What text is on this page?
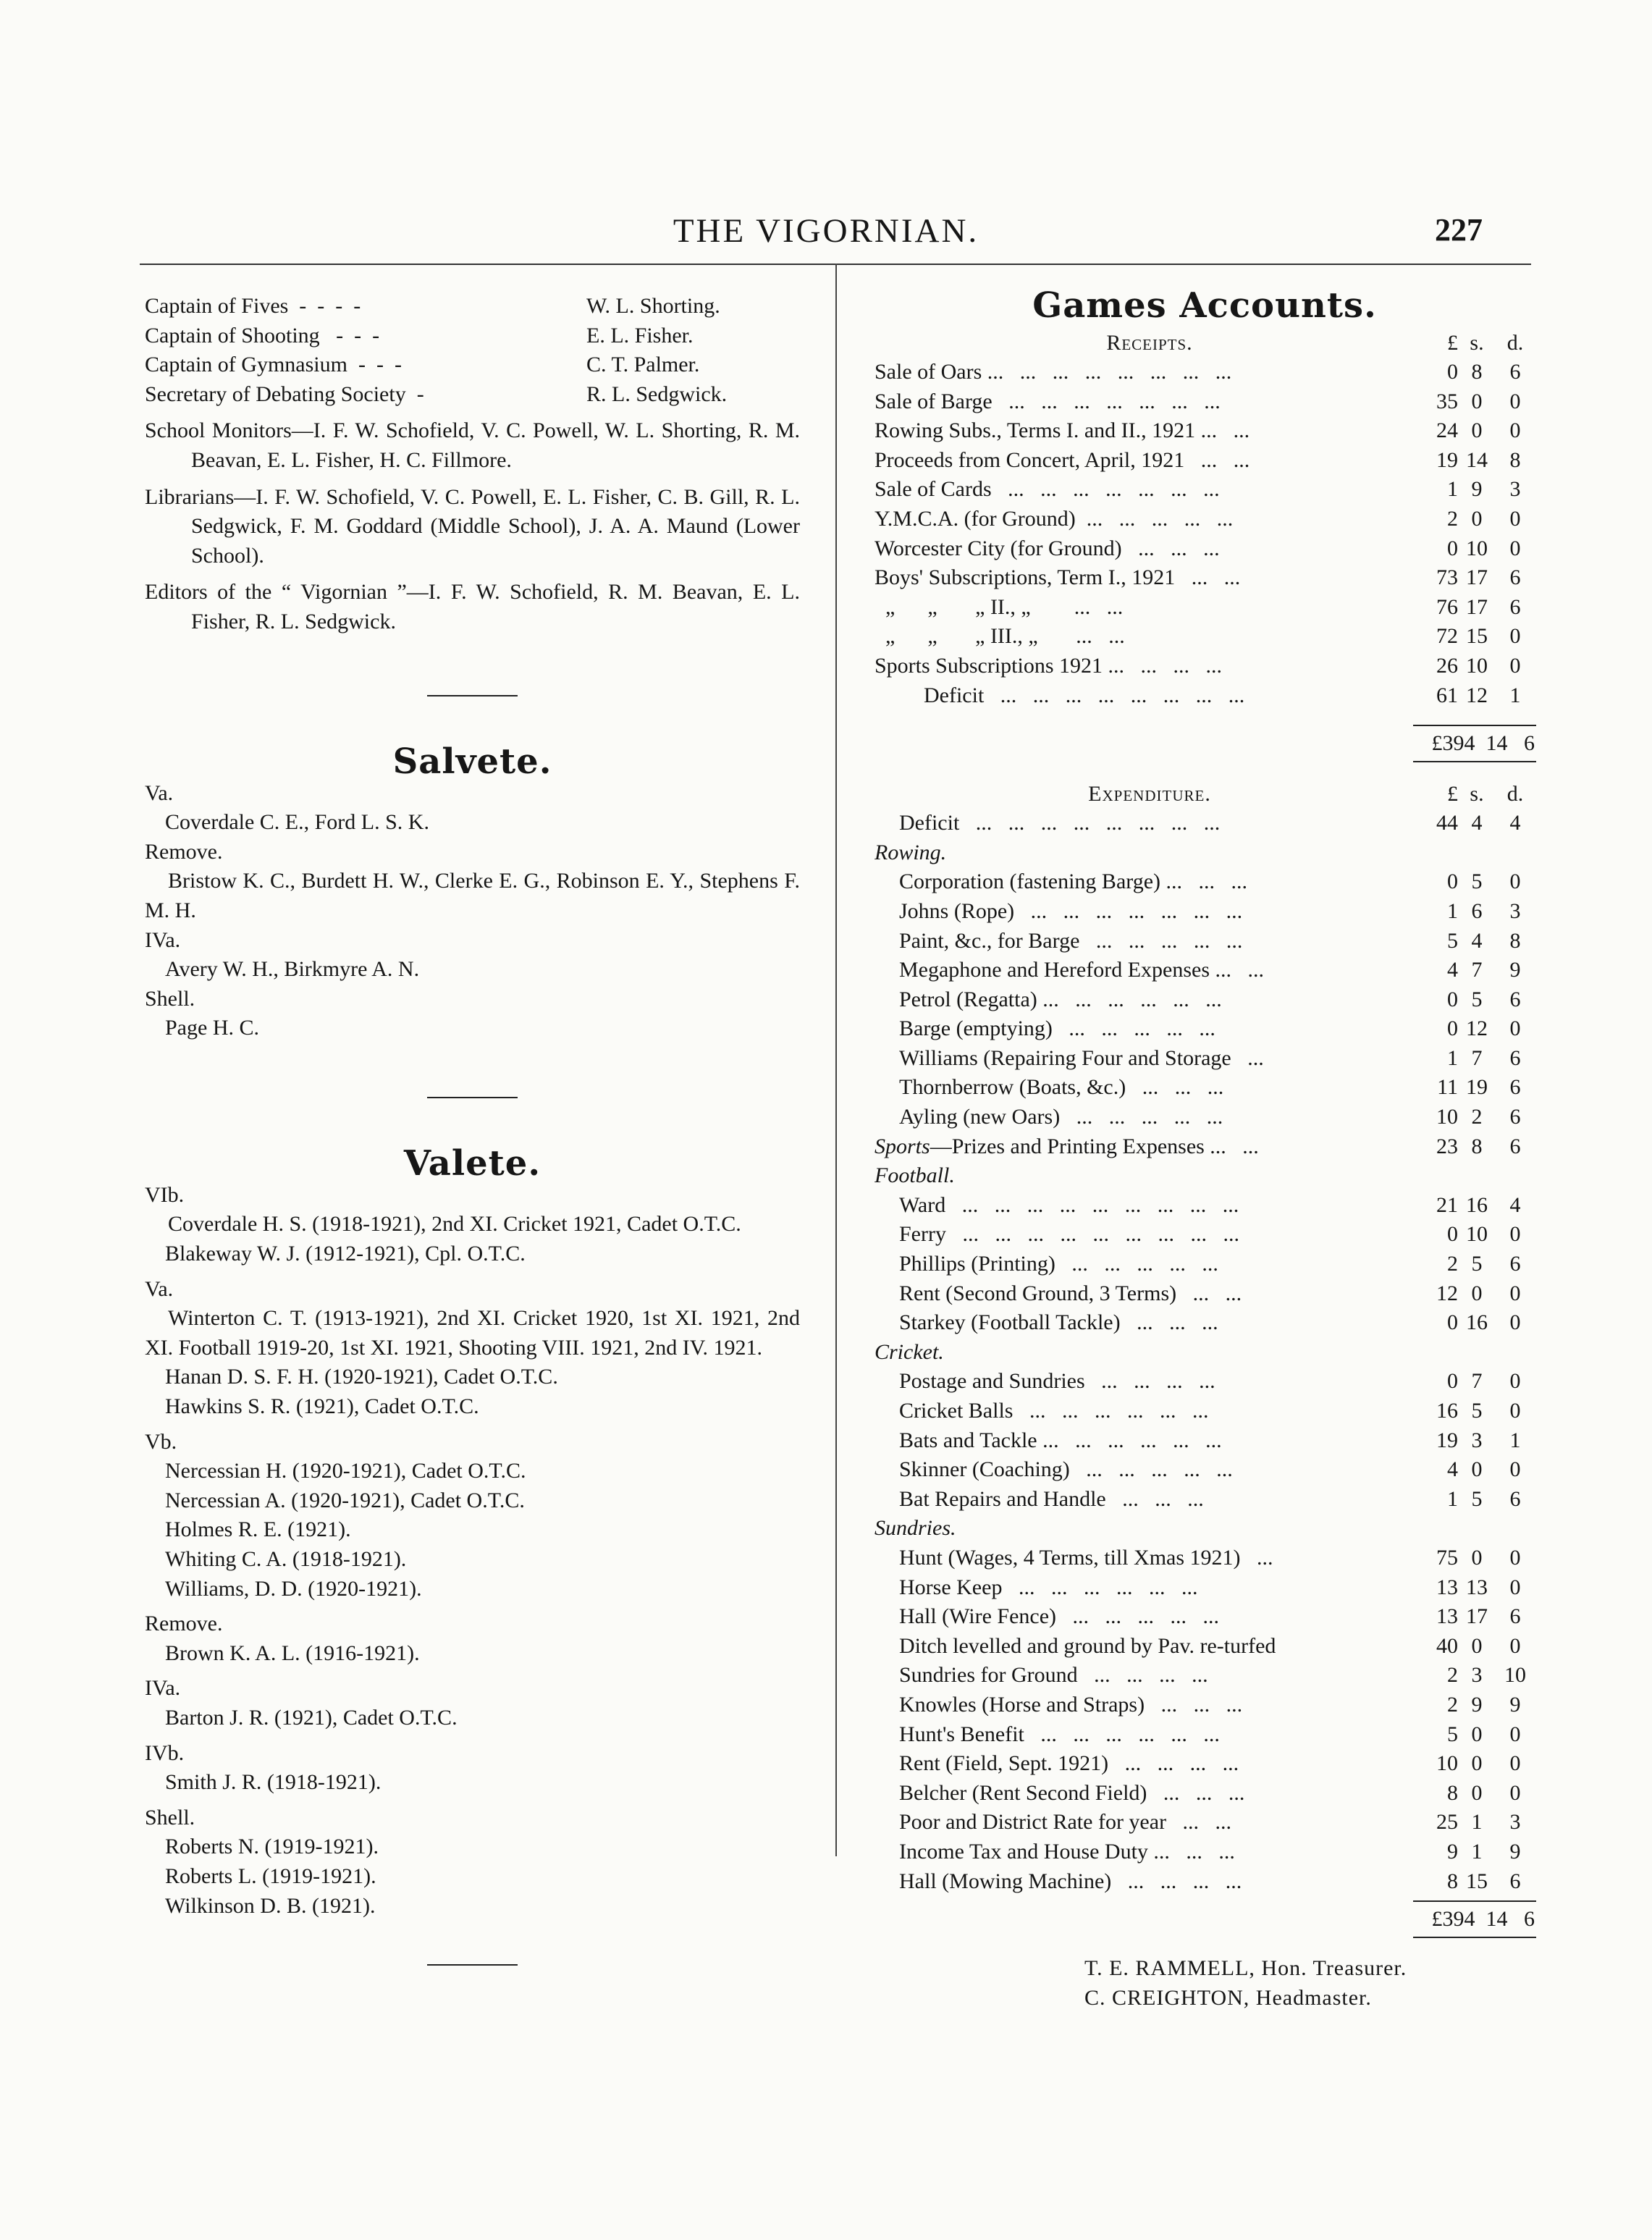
THE VIGORNIAN.	227
Captain of Fives  -  -  -  -	W. L. Shorting.
Captain of Shooting   -  -  -	E. L. Fisher.
Captain of Gymnasium  -  -  -	C. T. Palmer.
Secretary of Debating Society  -	R. L. Sedgwick.
School Monitors—I. F. W. Schofield, V. C. Powell, W. L. Shorting, R. M. Beavan, E. L. Fisher, H. C. Fillmore.
Librarians—I. F. W. Schofield, V. C. Powell, E. L. Fisher, C. B. Gill, R. L. Sedgwick, F. M. Goddard (Middle School), J. A. A. Maund (Lower School).
Editors of the “ Vigornian ”—I. F. W. Schofield, R. M. Beavan, E. L. Fisher, R. L. Sedgwick.
Salvete.
Va.
Coverdale C. E., Ford L. S. K.
Remove.
Bristow K. C., Burdett H. W., Clerke E. G., Robinson E. Y., Stephens F. M. H.
IVa.
Avery W. H., Birkmyre A. N.
Shell.
Page H. C.
Valete.
VIb.
Coverdale H. S. (1918-1921), 2nd XI. Cricket 1921, Cadet O.T.C.
Blakeway W. J. (1912-1921), Cpl. O.T.C.
Va.
Winterton C. T. (1913-1921), 2nd XI. Cricket 1920, 1st XI. 1921, 2nd XI. Football 1919-20, 1st XI. 1921, Shooting VIII. 1921, 2nd IV. 1921.
Hanan D. S. F. H. (1920-1921), Cadet O.T.C.
Hawkins S. R. (1921), Cadet O.T.C.
Vb.
Nercessian H. (1920-1921), Cadet O.T.C.
Nercessian A. (1920-1921), Cadet O.T.C.
Holmes R. E. (1921).
Whiting C. A. (1918-1921).
Williams, D. D. (1920-1921).
Remove.
Brown K. A. L. (1916-1921).
IVa.
Barton J. R. (1921), Cadet O.T.C.
IVb.
Smith J. R. (1918-1921).
Shell.
Roberts N. (1919-1921).
Roberts L. (1919-1921).
Wilkinson D. B. (1921).
Games Accounts.
Receipts.	£ s.	d.
Sale of Oars ...   ...   ...   ...   ...   ...   ...   ...	0 8	6
Sale of Barge   ...   ...   ...   ...   ...   ...   ...	35 0	0
Rowing Subs., Terms I. and II., 1921 ...   ...	24 0	0
Proceeds from Concert, April, 1921   ...   ...	19 14	8
Sale of Cards   ...   ...   ...   ...   ...   ...   ...	1 9	3
Y.M.C.A. (for Ground)  ...   ...   ...   ...   ...	2 0	0
Worcester City (for Ground)   ...   ...   ...	0 10	0
Boys' Subscriptions, Term I., 1921   ...   ...	73 17	6
„      „       „ II., „        ...   ...	76 17	6
„      „       „ III., „       ...   ...	72 15	0
Sports Subscriptions 1921 ...   ...   ...   ...	26 10	0
Deficit   ...   ...   ...   ...   ...   ...   ...   ...	61 12	1
£394  14   6
Expenditure.	£ s.	d.
Deficit   ...   ...   ...   ...   ...   ...   ...   ...	44 4	4
Rowing.
Corporation (fastening Barge) ...   ...   ...	0 5	0
Johns (Rope)   ...   ...   ...   ...   ...   ...   ...	1 6	3
Paint, &c., for Barge   ...   ...   ...   ...   ...	5 4	8
Megaphone and Hereford Expenses ...   ...	4 7	9
Petrol (Regatta) ...   ...   ...   ...   ...   ...	0 5	6
Barge (emptying)   ...   ...   ...   ...   ...	0 12	0
Williams (Repairing Four and Storage   ...	1 7	6
Thornberrow (Boats, &c.)   ...   ...   ...	11 19	6
Ayling (new Oars)   ...   ...   ...   ...   ...	10 2	6
Sports—Prizes and Printing Expenses ...   ...	23 8	6
Football.
Ward   ...   ...   ...   ...   ...   ...   ...   ...   ...	21 16	4
Ferry   ...   ...   ...   ...   ...   ...   ...   ...   ...	0 10	0
Phillips (Printing)   ...   ...   ...   ...   ...	2 5	6
Rent (Second Ground, 3 Terms)   ...   ...	12 0	0
Starkey (Football Tackle)   ...   ...   ...	0 16	0
Cricket.
Postage and Sundries   ...   ...   ...   ...	0 7	0
Cricket Balls   ...   ...   ...   ...   ...   ...	16 5	0
Bats and Tackle ...   ...   ...   ...   ...   ...	19 3	1
Skinner (Coaching)   ...   ...   ...   ...   ...	4 0	0
Bat Repairs and Handle   ...   ...   ...	1 5	6
Sundries.
Hunt (Wages, 4 Terms, till Xmas 1921)   ...	75 0	0
Horse Keep   ...   ...   ...   ...   ...   ...	13 13	0
Hall (Wire Fence)   ...   ...   ...   ...   ...	13 17	6
Ditch levelled and ground by Pav. re-turfed	40 0	0
Sundries for Ground   ...   ...   ...   ...	2 3	10
Knowles (Horse and Straps)   ...   ...   ...	2 9	9
Hunt's Benefit   ...   ...   ...   ...   ...   ...	5 0	0
Rent (Field, Sept. 1921)   ...   ...   ...   ...	10 0	0
Belcher (Rent Second Field)   ...   ...   ...	8 0	0
Poor and District Rate for year   ...   ...	25 1	3
Income Tax and House Duty ...   ...   ...	9 1	9
Hall (Mowing Machine)   ...   ...   ...   ...	8 15	6
£394  14   6
T. E. RAMMELL, Hon. Treasurer.
C. CREIGHTON, Headmaster.
